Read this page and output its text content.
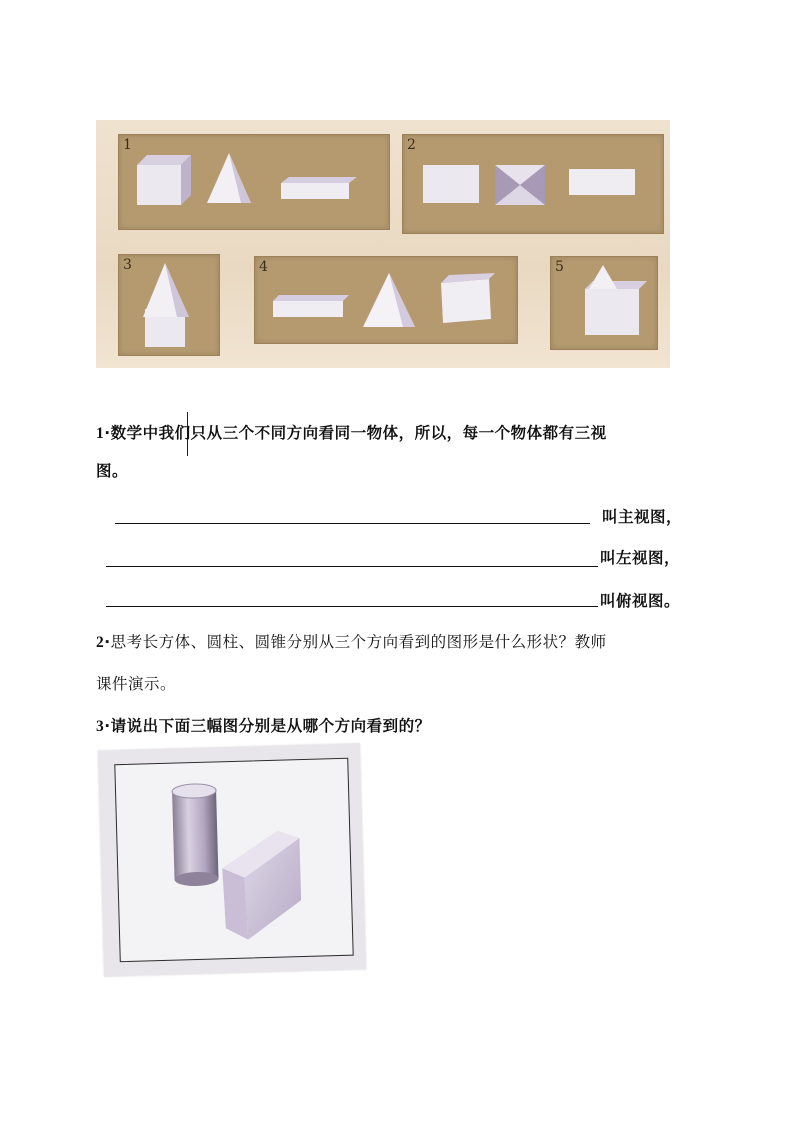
1	2
3	4	5
1·数学中我们只从三个不同方向看同一物体，所以，每一个物体都有三视
图。
叫主视图，
叫左视图，
叫俯视图。
2·思考长方体、圆柱、圆锥分别从三个方向看到的图形是什么形状？教师
课件演示。
3·请说出下面三幅图分别是从哪个方向看到的？
